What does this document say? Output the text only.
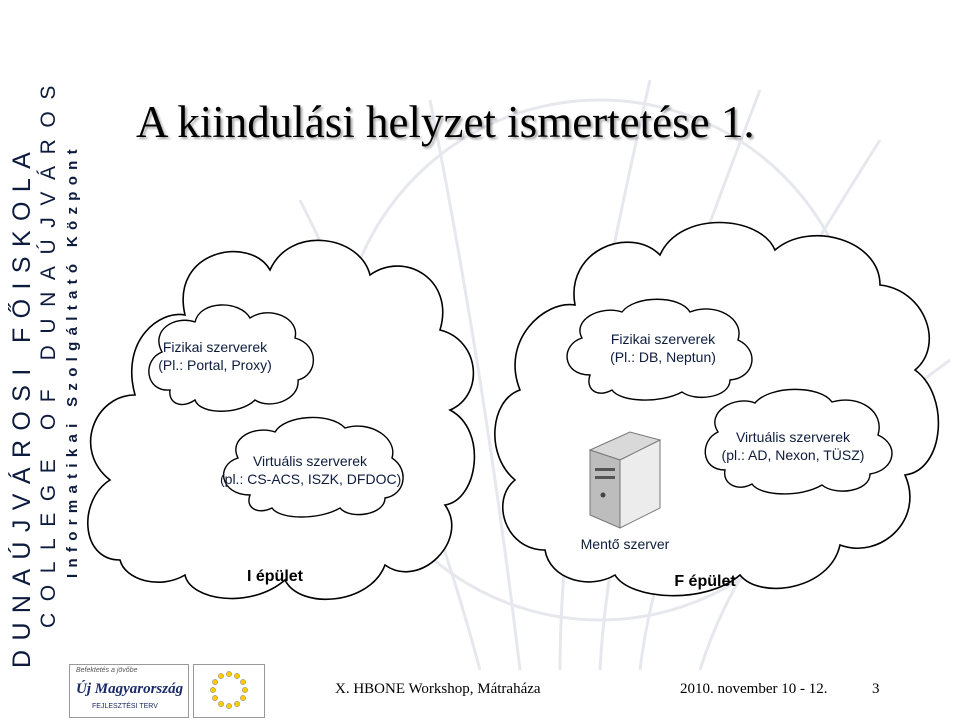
DUNAÚJVÁROSI FŐISKOLA COLLEGE OF DUNAÚJVÁROS Informatikai Szolgáltató Központ
A kiindulási helyzet ismertetése 1.
Fizikai szerverek
(Pl.: Portal, Proxy)
Virtuális szerverek
(pl.: CS-ACS, ISZK, DFDOC)
I épület
Fizikai szerverek
(Pl.: DB, Neptun)
Virtuális szerverek
(pl.: AD, Nexon, TÜSZ)
Mentő szerver
F épület
Befektetés a jövőbe
Új Magyarország
FEJLESZTÉSI TERV
X. HBONE Workshop, Mátraháza	2010. november 10 - 12.	3
